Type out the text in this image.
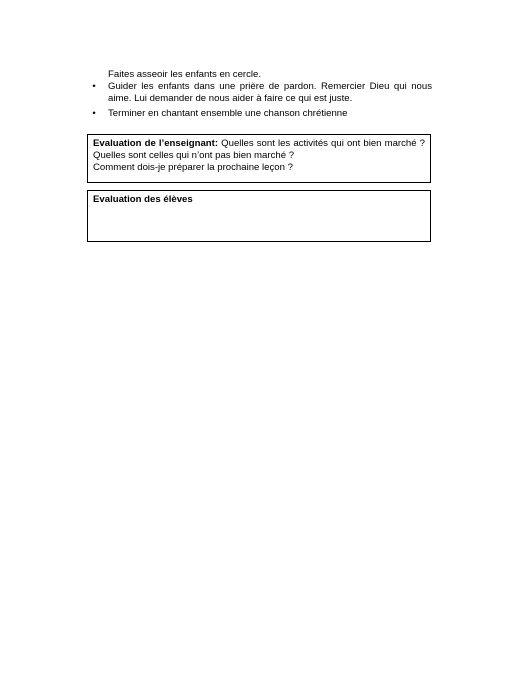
Faites asseoir les enfants en cercle.
•	Guider les enfants dans une prière de pardon. Remercier Dieu qui nous aime. Lui demander de nous aider à faire ce qui est juste.
•	Terminer en chantant ensemble une chanson chrétienne
Evaluation de l’enseignant: Quelles sont les activités qui ont bien marché ? Quelles sont celles qui n’ont pas bien marché ?
Comment dois-je préparer la prochaine leçon ?
Evaluation des élèves
